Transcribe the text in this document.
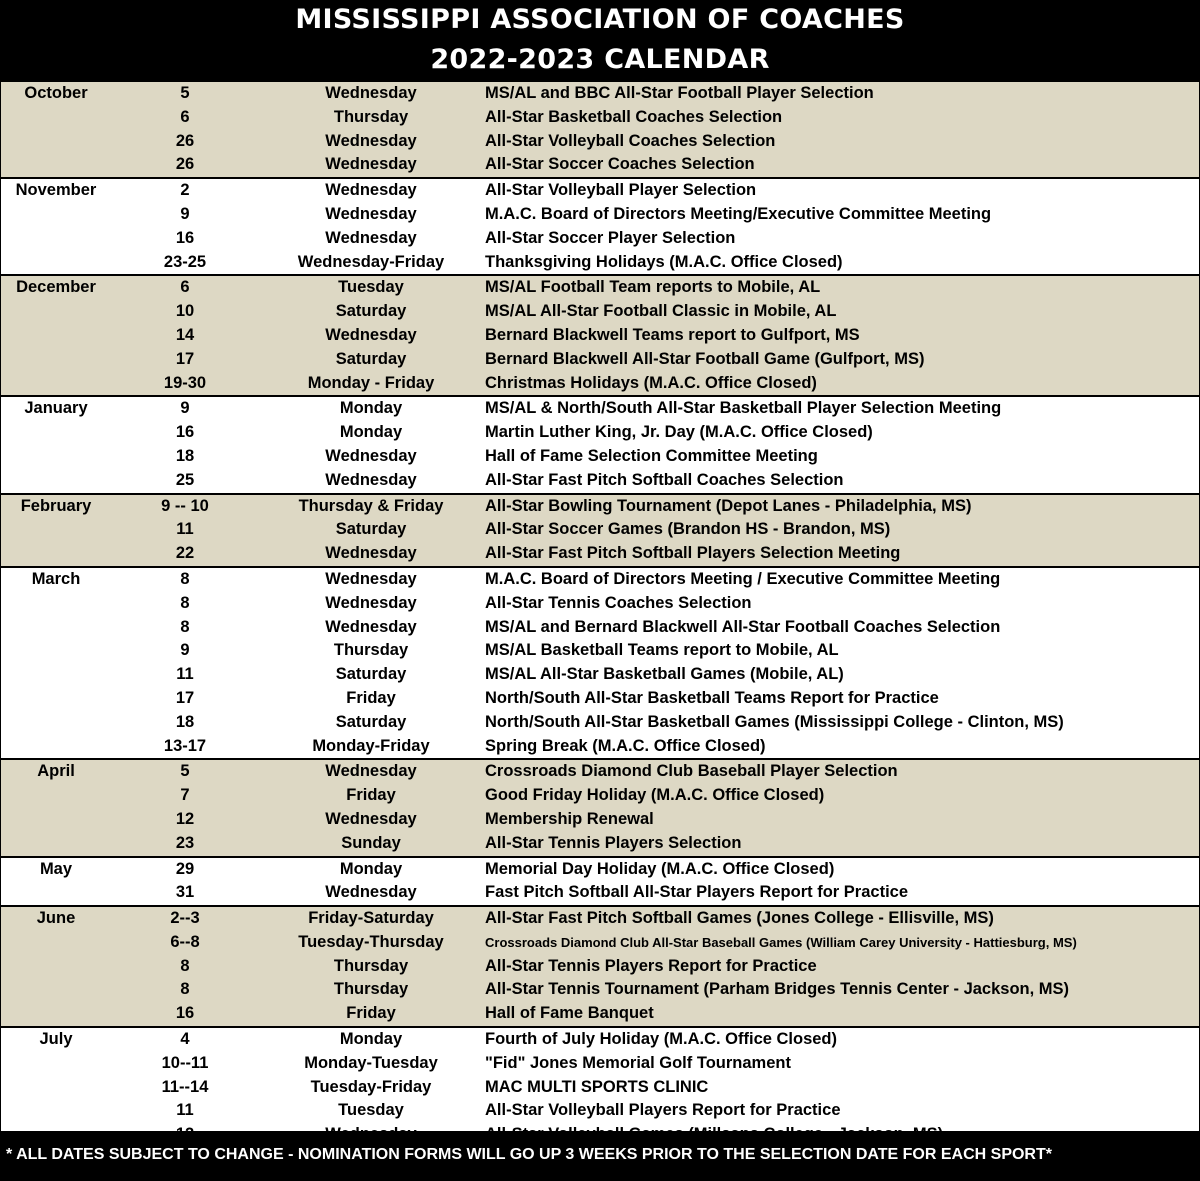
MISSISSIPPI ASSOCIATION OF COACHES
2022-2023 CALENDAR
October	5	Wednesday	MS/AL and BBC All-Star Football Player Selection
6	Thursday	All-Star Basketball Coaches Selection
26	Wednesday	All-Star Volleyball Coaches Selection
26	Wednesday	All-Star Soccer Coaches Selection
November	2	Wednesday	All-Star Volleyball Player Selection
9	Wednesday	M.A.C. Board of Directors Meeting/Executive Committee Meeting
16	Wednesday	All-Star Soccer Player Selection
23-25	Wednesday-Friday	Thanksgiving Holidays (M.A.C. Office Closed)
December	6	Tuesday	MS/AL Football Team reports to Mobile, AL
10	Saturday	MS/AL All-Star Football Classic in Mobile, AL
14	Wednesday	Bernard Blackwell Teams report to Gulfport, MS
17	Saturday	Bernard Blackwell All-Star Football Game (Gulfport, MS)
19-30	Monday - Friday	Christmas Holidays (M.A.C. Office Closed)
January	9	Monday	MS/AL & North/South All-Star Basketball Player Selection Meeting
16	Monday	Martin Luther King, Jr. Day (M.A.C. Office Closed)
18	Wednesday	Hall of Fame Selection Committee Meeting
25	Wednesday	All-Star Fast Pitch Softball Coaches Selection
February	9 -- 10	Thursday & Friday	All-Star Bowling Tournament (Depot Lanes - Philadelphia, MS)
11	Saturday	All-Star Soccer Games (Brandon HS - Brandon, MS)
22	Wednesday	All-Star Fast Pitch Softball Players Selection Meeting
March	8	Wednesday	M.A.C. Board of Directors Meeting / Executive Committee Meeting
8	Wednesday	All-Star Tennis Coaches Selection
8	Wednesday	MS/AL and Bernard Blackwell All-Star Football Coaches Selection
9	Thursday	MS/AL Basketball Teams report to Mobile, AL
11	Saturday	MS/AL All-Star Basketball Games (Mobile, AL)
17	Friday	North/South All-Star Basketball Teams Report for Practice
18	Saturday	North/South All-Star Basketball Games (Mississippi College - Clinton, MS)
13-17	Monday-Friday	Spring Break (M.A.C. Office Closed)
April	5	Wednesday	Crossroads Diamond Club Baseball Player Selection
7	Friday	Good Friday Holiday (M.A.C. Office Closed)
12	Wednesday	Membership Renewal
23	Sunday	All-Star Tennis Players Selection
May	29	Monday	Memorial Day Holiday (M.A.C. Office Closed)
31	Wednesday	Fast Pitch Softball All-Star Players Report for Practice
June	2--3	Friday-Saturday	All-Star Fast Pitch Softball Games (Jones College - Ellisville, MS)
6--8	Tuesday-Thursday	Crossroads Diamond Club All-Star Baseball Games (William Carey University - Hattiesburg, MS)
8	Thursday	All-Star Tennis Players Report for Practice
8	Thursday	All-Star Tennis Tournament (Parham Bridges Tennis Center - Jackson, MS)
16	Friday	Hall of Fame Banquet
July	4	Monday	Fourth of July Holiday (M.A.C. Office Closed)
10--11	Monday-Tuesday	"Fid" Jones Memorial Golf Tournament
11--14	Tuesday-Friday	MAC MULTI SPORTS CLINIC
11	Tuesday	All-Star Volleyball Players Report for Practice
* ALL DATES SUBJECT TO CHANGE - NOMINATION FORMS WILL GO UP 3 WEEKS PRIOR TO THE SELECTION DATE FOR EACH SPORT*
